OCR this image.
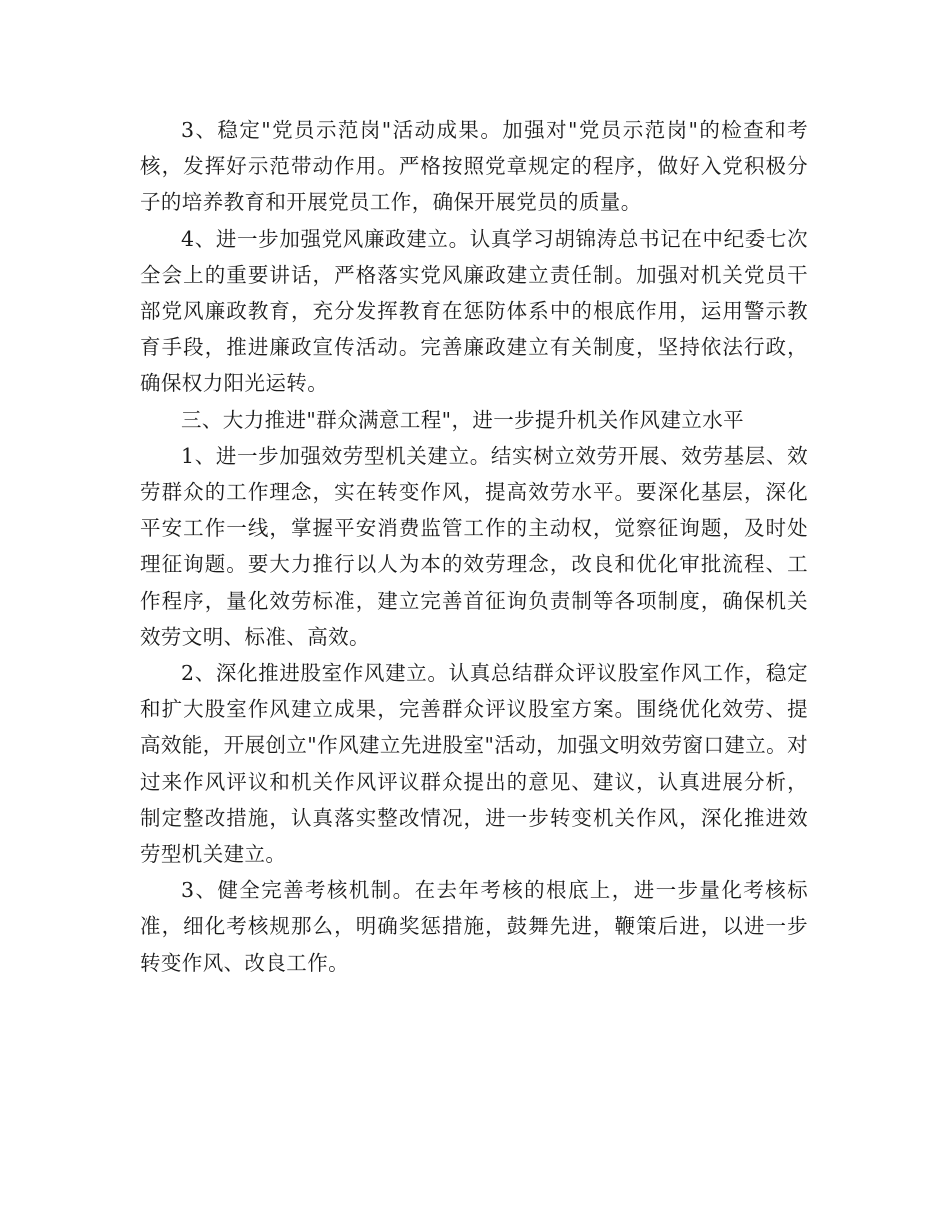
3、稳定"党员示范岗"活动成果。加强对"党员示范岗"的检查和考核，发挥好示范带动作用。严格按照党章规定的程序，做好入党积极分子的培养教育和开展党员工作，确保开展党员的质量。

4、进一步加强党风廉政建立。认真学习胡锦涛总书记在中纪委七次全会上的重要讲话，严格落实党风廉政建立责任制。加强对机关党员干部党风廉政教育，充分发挥教育在惩防体系中的根底作用，运用警示教育手段，推进廉政宣传活动。完善廉政建立有关制度，坚持依法行政，确保权力阳光运转。

三、大力推进"群众满意工程"，进一步提升机关作风建立水平

1、进一步加强效劳型机关建立。结实树立效劳开展、效劳基层、效劳群众的工作理念，实在转变作风，提高效劳水平。要深化基层，深化平安工作一线，掌握平安消费监管工作的主动权，觉察征询题，及时处理征询题。要大力推行以人为本的效劳理念，改良和优化审批流程、工作程序，量化效劳标准，建立完善首征询负责制等各项制度，确保机关效劳文明、标准、高效。

2、深化推进股室作风建立。认真总结群众评议股室作风工作，稳定和扩大股室作风建立成果，完善群众评议股室方案。围绕优化效劳、提高效能，开展创立"作风建立先进股室"活动，加强文明效劳窗口建立。对过来作风评议和机关作风评议群众提出的意见、建议，认真进展分析，制定整改措施，认真落实整改情况，进一步转变机关作风，深化推进效劳型机关建立。

3、健全完善考核机制。在去年考核的根底上，进一步量化考核标准，细化考核规那么，明确奖惩措施，鼓舞先进，鞭策后进，以进一步转变作风、改良工作。
